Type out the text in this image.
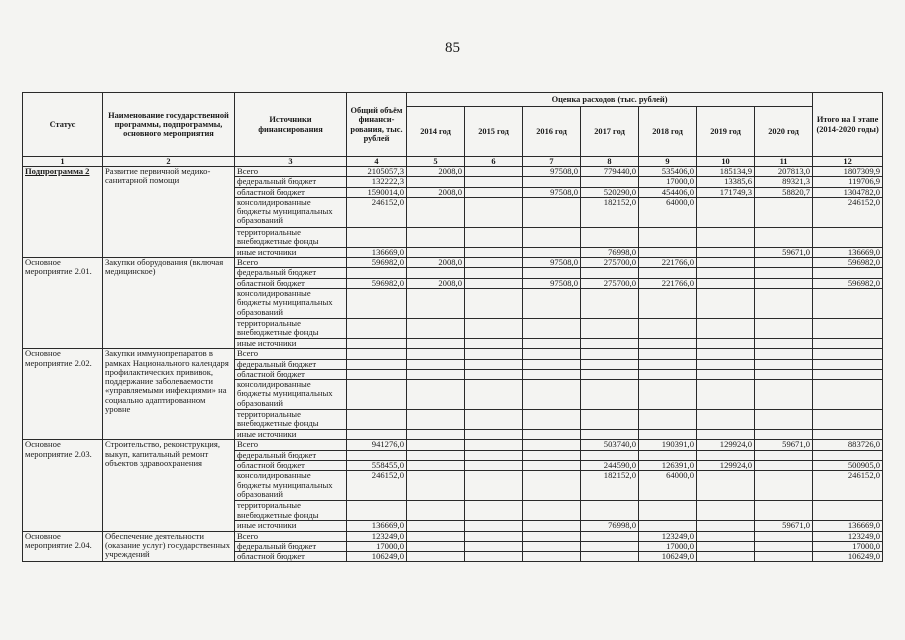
85
Статус	Наименование государственной программы, подпрограммы, основного мероприятия	Источники финансирования	Общий объём финанси-рования, тыс. рублей	Оценка расходов (тыс. рублей)							Итого на I этапе (2014-2020 годы)
				2014 год	2015 год	2016 год	2017 год	2018 год	2019 год	2020 год	
1	2	3	4	5	6	7	8	9	10	11	12
Подпрограмма 2	Развитие первичной медико-санитарной помощи	Всего	2105057,3	2008,0		97508,0	779440,0	535406,0	185134,9	207813,0	1807309,9
		федеральный бюджет	132222,3					17000,0	13385,6	89321,3	119706,9
		областной бюджет	1590014,0	2008,0		97508,0	520290,0	454406,0	171749,3	58820,7	1304782,0
		консолидированные бюджеты муниципальных образований	246152,0				182152,0	64000,0			246152,0
		территориальные внебюджетные фонды									
		иные источники	136669,0				76998,0			59671,0	136669,0
Основное мероприятие 2.01.	Закупки оборудования (включая медицинское)	Всего	596982,0	2008,0		97508,0	275700,0	221766,0			596982,0
		федеральный бюджет									
		областной бюджет	596982,0	2008,0		97508,0	275700,0	221766,0			596982,0
		консолидированные бюджеты муниципальных образований									
		территориальные внебюджетные фонды									
		иные источники									
Основное мероприятие 2.02.	Закупки иммунопрепаратов в рамках Национального календаря профилактических прививок, поддержание заболеваемости «управляемыми инфекциями» на социально адаптированном уровне	Всего									
		федеральный бюджет									
		областной бюджет									
		консолидированные бюджеты муниципальных образований									
		территориальные внебюджетные фонды									
		иные источники									
Основное мероприятие 2.03.	Строительство, реконструкция, выкуп, капитальный ремонт объектов здравоохранения	Всего	941276,0				503740,0	190391,0	129924,0	59671,0	883726,0
		федеральный бюджет									
		областной бюджет	558455,0				244590,0	126391,0	129924,0		500905,0
		консолидированные бюджеты муниципальных образований	246152,0				182152,0	64000,0			246152,0
		территориальные внебюджетные фонды									
		иные источники	136669,0				76998,0			59671,0	136669,0
Основное мероприятие 2.04.	Обеспечение деятельности (оказание услуг) государственных учреждений	Всего	123249,0					123249,0			123249,0
		федеральный бюджет	17000,0					17000,0			17000,0
		областной бюджет	106249,0					106249,0			106249,0
